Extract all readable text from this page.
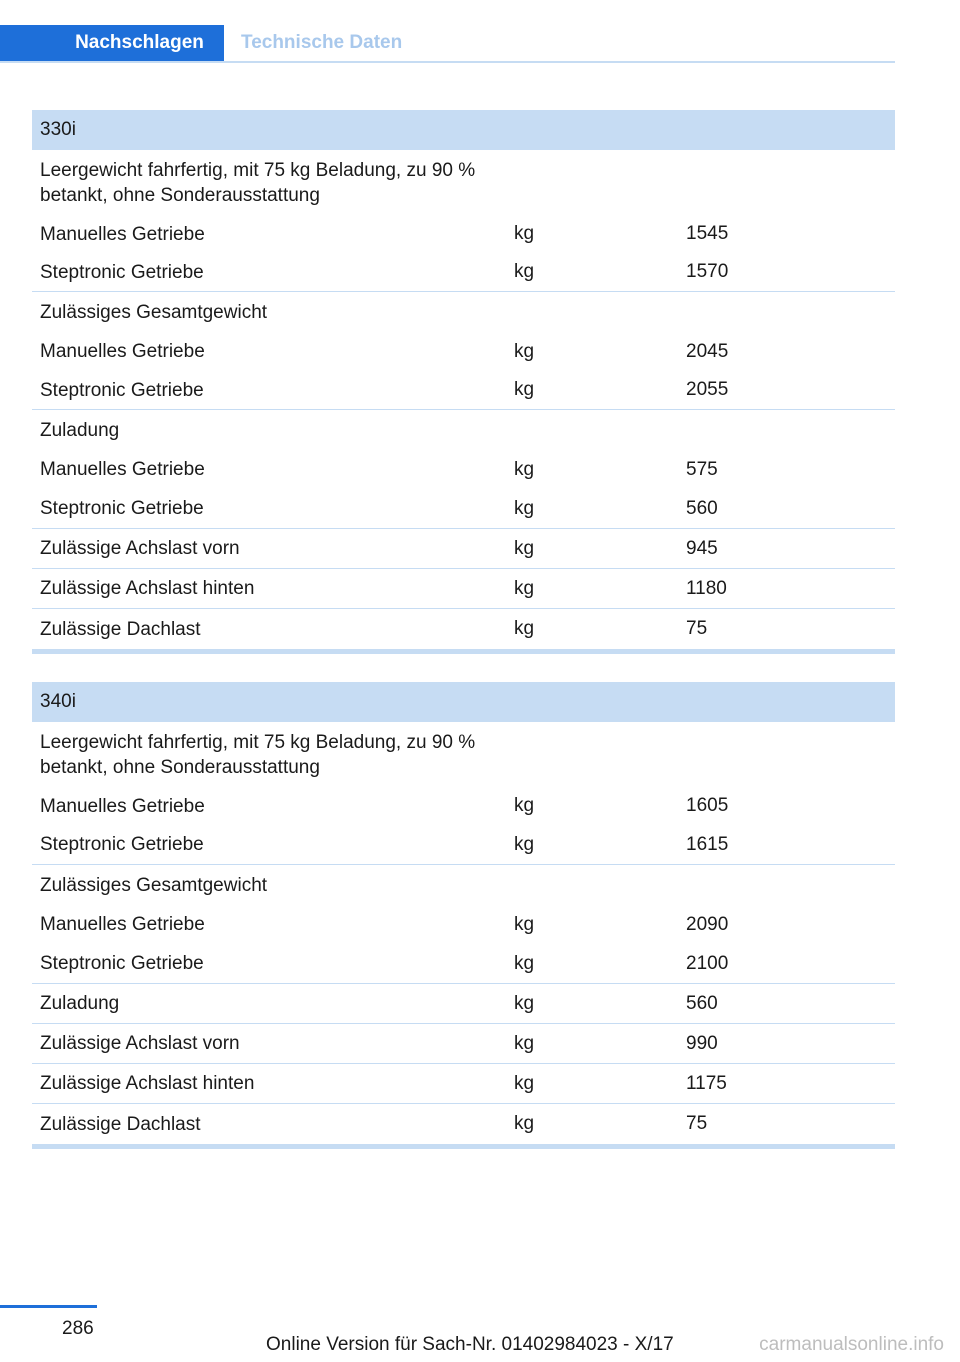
Nachschlagen	Technische Daten
330i
Leergewicht fahrfertig, mit 75 kg Beladung, zu 90 % betankt, ohne Sonderausstattung
Manuelles Getriebe	kg	1545
Steptronic Getriebe	kg	1570
Zulässiges Gesamtgewicht
Manuelles Getriebe	kg	2045
Steptronic Getriebe	kg	2055
Zuladung
Manuelles Getriebe	kg	575
Steptronic Getriebe	kg	560
Zulässige Achslast vorn	kg	945
Zulässige Achslast hinten	kg	1180
Zulässige Dachlast	kg	75
340i
Leergewicht fahrfertig, mit 75 kg Beladung, zu 90 % betankt, ohne Sonderausstattung
Manuelles Getriebe	kg	1605
Steptronic Getriebe	kg	1615
Zulässiges Gesamtgewicht
Manuelles Getriebe	kg	2090
Steptronic Getriebe	kg	2100
Zuladung	kg	560
Zulässige Achslast vorn	kg	990
Zulässige Achslast hinten	kg	1175
Zulässige Dachlast	kg	75
286
Online Version für Sach-Nr. 01402984023 - X/17	carmanualsonline.info
